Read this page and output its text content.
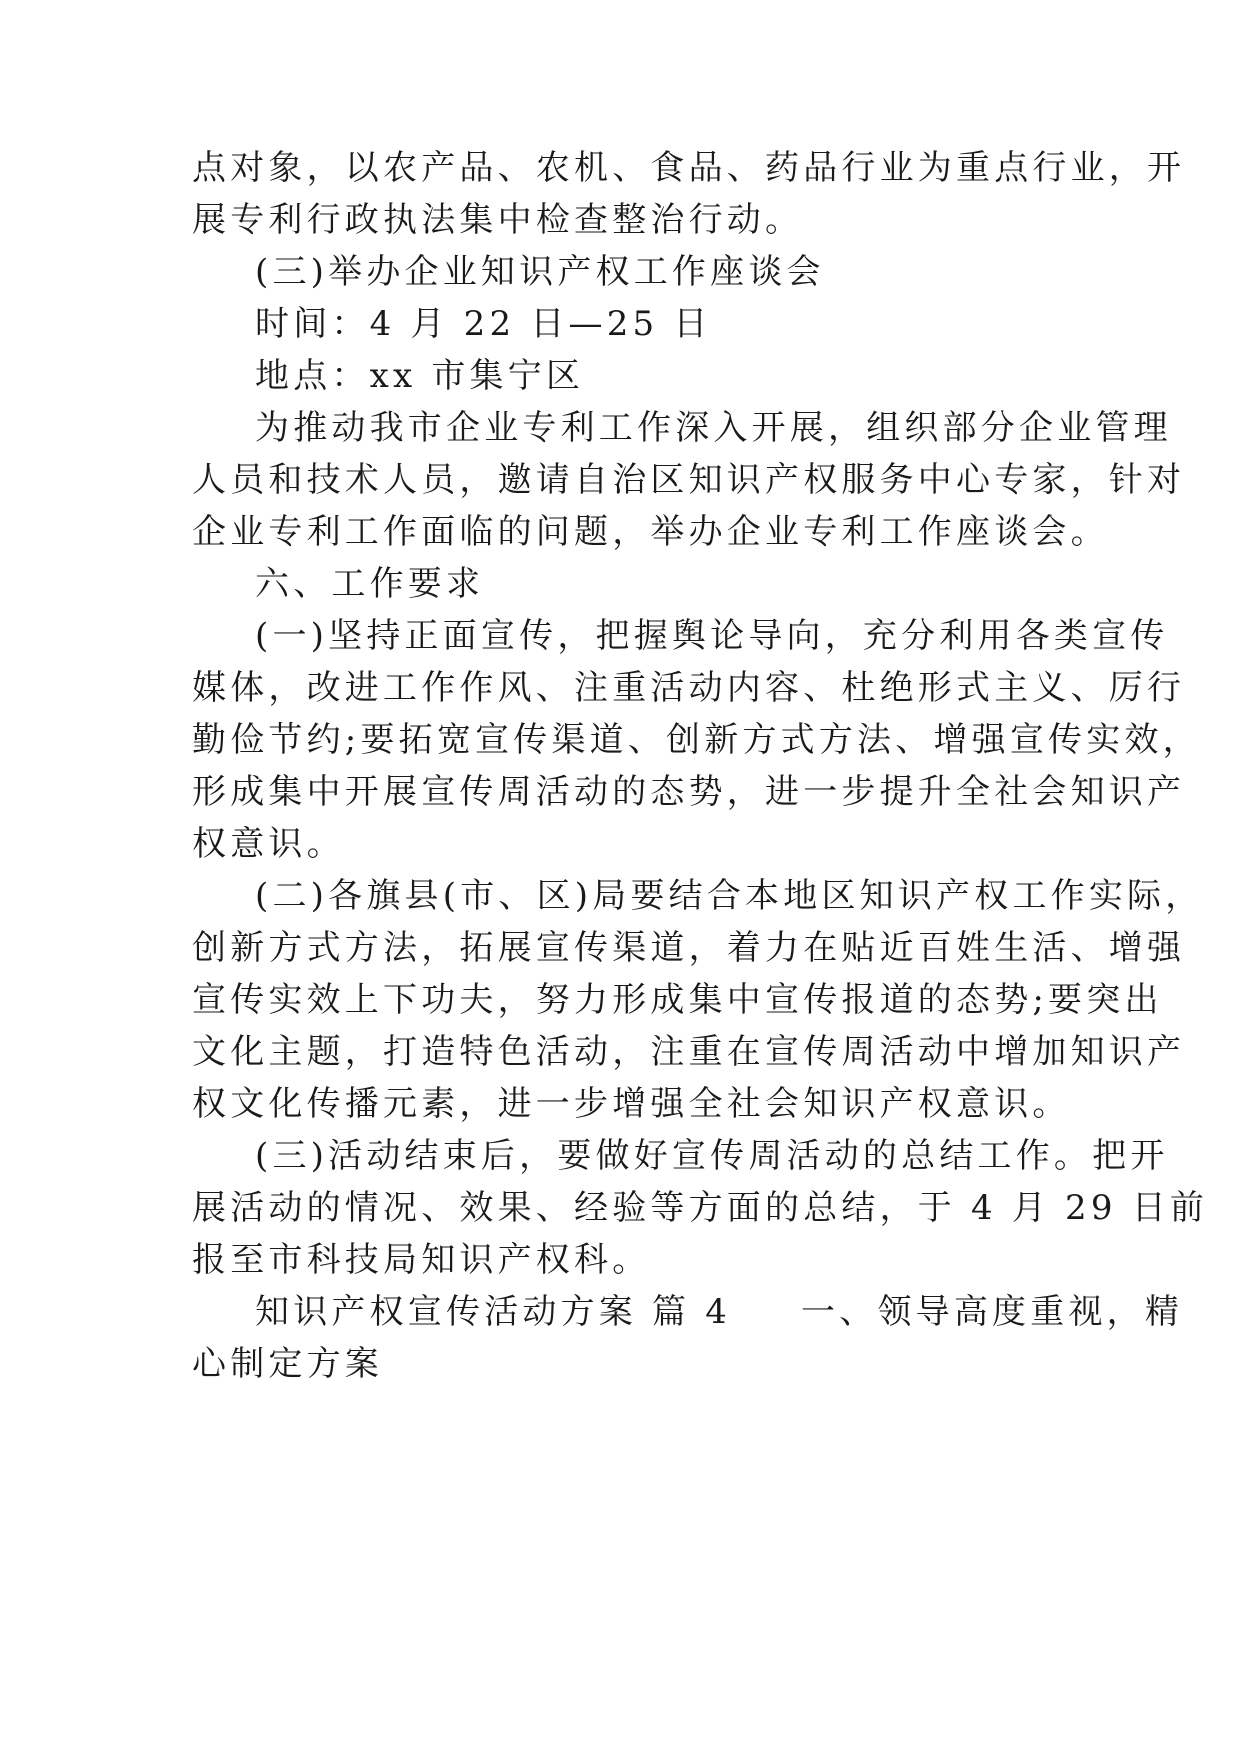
点对象，以农产品、农机、食品、药品行业为重点行业，开
展专利行政执法集中检查整治行动。
(三)举办企业知识产权工作座谈会
时间：4 月 22 日—25 日
地点：xx 市集宁区
为推动我市企业专利工作深入开展，组织部分企业管理
人员和技术人员，邀请自治区知识产权服务中心专家，针对
企业专利工作面临的问题，举办企业专利工作座谈会。
六、工作要求
(一)坚持正面宣传，把握舆论导向，充分利用各类宣传
媒体，改进工作作风、注重活动内容、杜绝形式主义、厉行
勤俭节约;要拓宽宣传渠道、创新方式方法、增强宣传实效，
形成集中开展宣传周活动的态势，进一步提升全社会知识产
权意识。
(二)各旗县(市、区)局要结合本地区知识产权工作实际，
创新方式方法，拓展宣传渠道，着力在贴近百姓生活、增强
宣传实效上下功夫，努力形成集中宣传报道的态势;要突出
文化主题，打造特色活动，注重在宣传周活动中增加知识产
权文化传播元素，进一步增强全社会知识产权意识。
(三)活动结束后，要做好宣传周活动的总结工作。把开
展活动的情况、效果、经验等方面的总结，于 4 月 29 日前
报至市科技局知识产权科。
知识产权宣传活动方案 篇 4 一、领导高度重视，精
心制定方案
